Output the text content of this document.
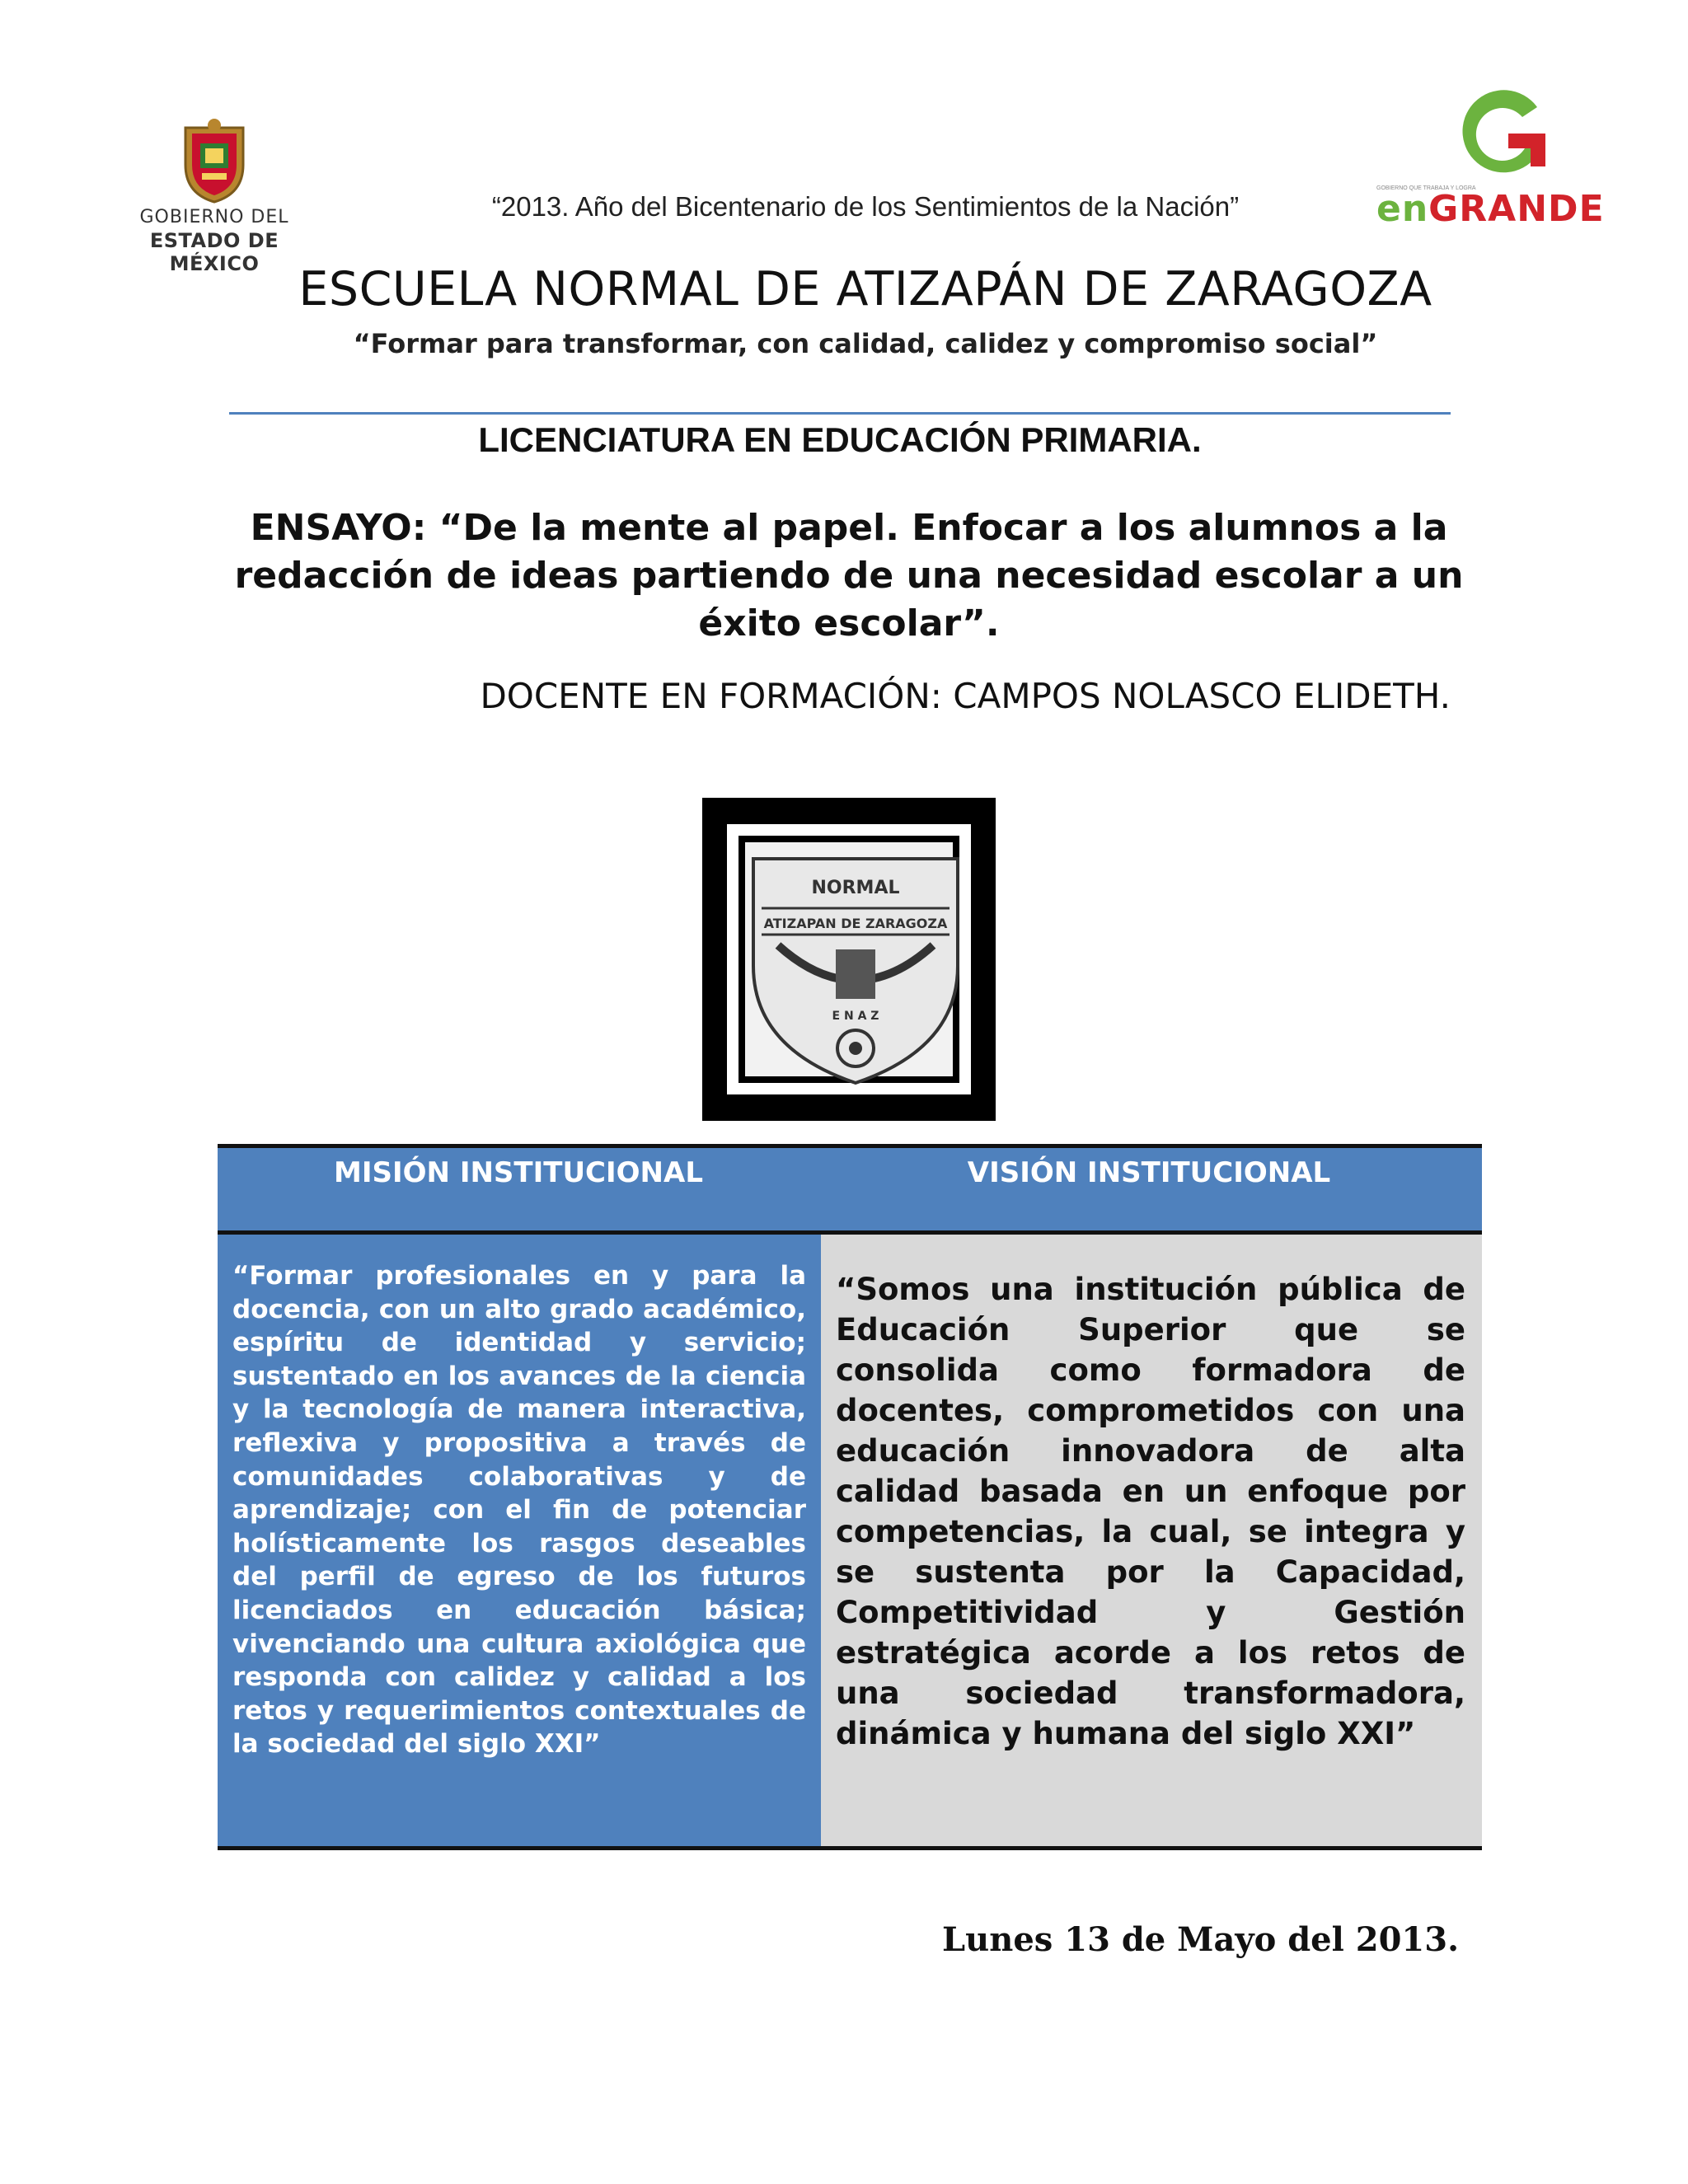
GOBIERNO DEL
ESTADO DE MÉXICO
GOBIERNO QUE TRABAJA Y LOGRA
enGRANDE
“2013. Año del Bicentenario de los Sentimientos de la Nación”
ESCUELA NORMAL DE ATIZAPÁN DE ZARAGOZA
“Formar para transformar, con calidad, calidez y compromiso social”
LICENCIATURA EN EDUCACIÓN PRIMARIA.
ENSAYO: “De la mente al papel. Enfocar a los alumnos a la
redacción de ideas partiendo de una necesidad escolar a un
éxito escolar”.
DOCENTE EN FORMACIÓN: CAMPOS NOLASCO ELIDETH.
NORMAL
ATIZAPAN DE ZARAGOZA
E N A Z
MISIÓN INSTITUCIONAL	VISIÓN INSTITUCIONAL
“Formar profesionales en y para la docencia, con un alto grado académico, espíritu de identidad y servicio; sustentado en los avances de la ciencia y la tecnología de manera interactiva, reflexiva y propositiva a través de comunidades colaborativas y de aprendizaje; con el fin de potenciar holísticamente los rasgos deseables del perfil de egreso de los futuros licenciados en educación básica; vivenciando una cultura axiológica que responda con calidez y calidad a los retos y requerimientos contextuales de la sociedad del siglo XXI”
“Somos una institución pública de Educación Superior que se consolida como formadora de docentes, comprometidos con una educación innovadora de alta calidad basada en un enfoque por competencias, la cual, se integra y se sustenta por la Capacidad, Competitividad y Gestión estratégica acorde a los retos de una sociedad transformadora, dinámica y humana del siglo XXI”
Lunes 13 de Mayo del 2013.
